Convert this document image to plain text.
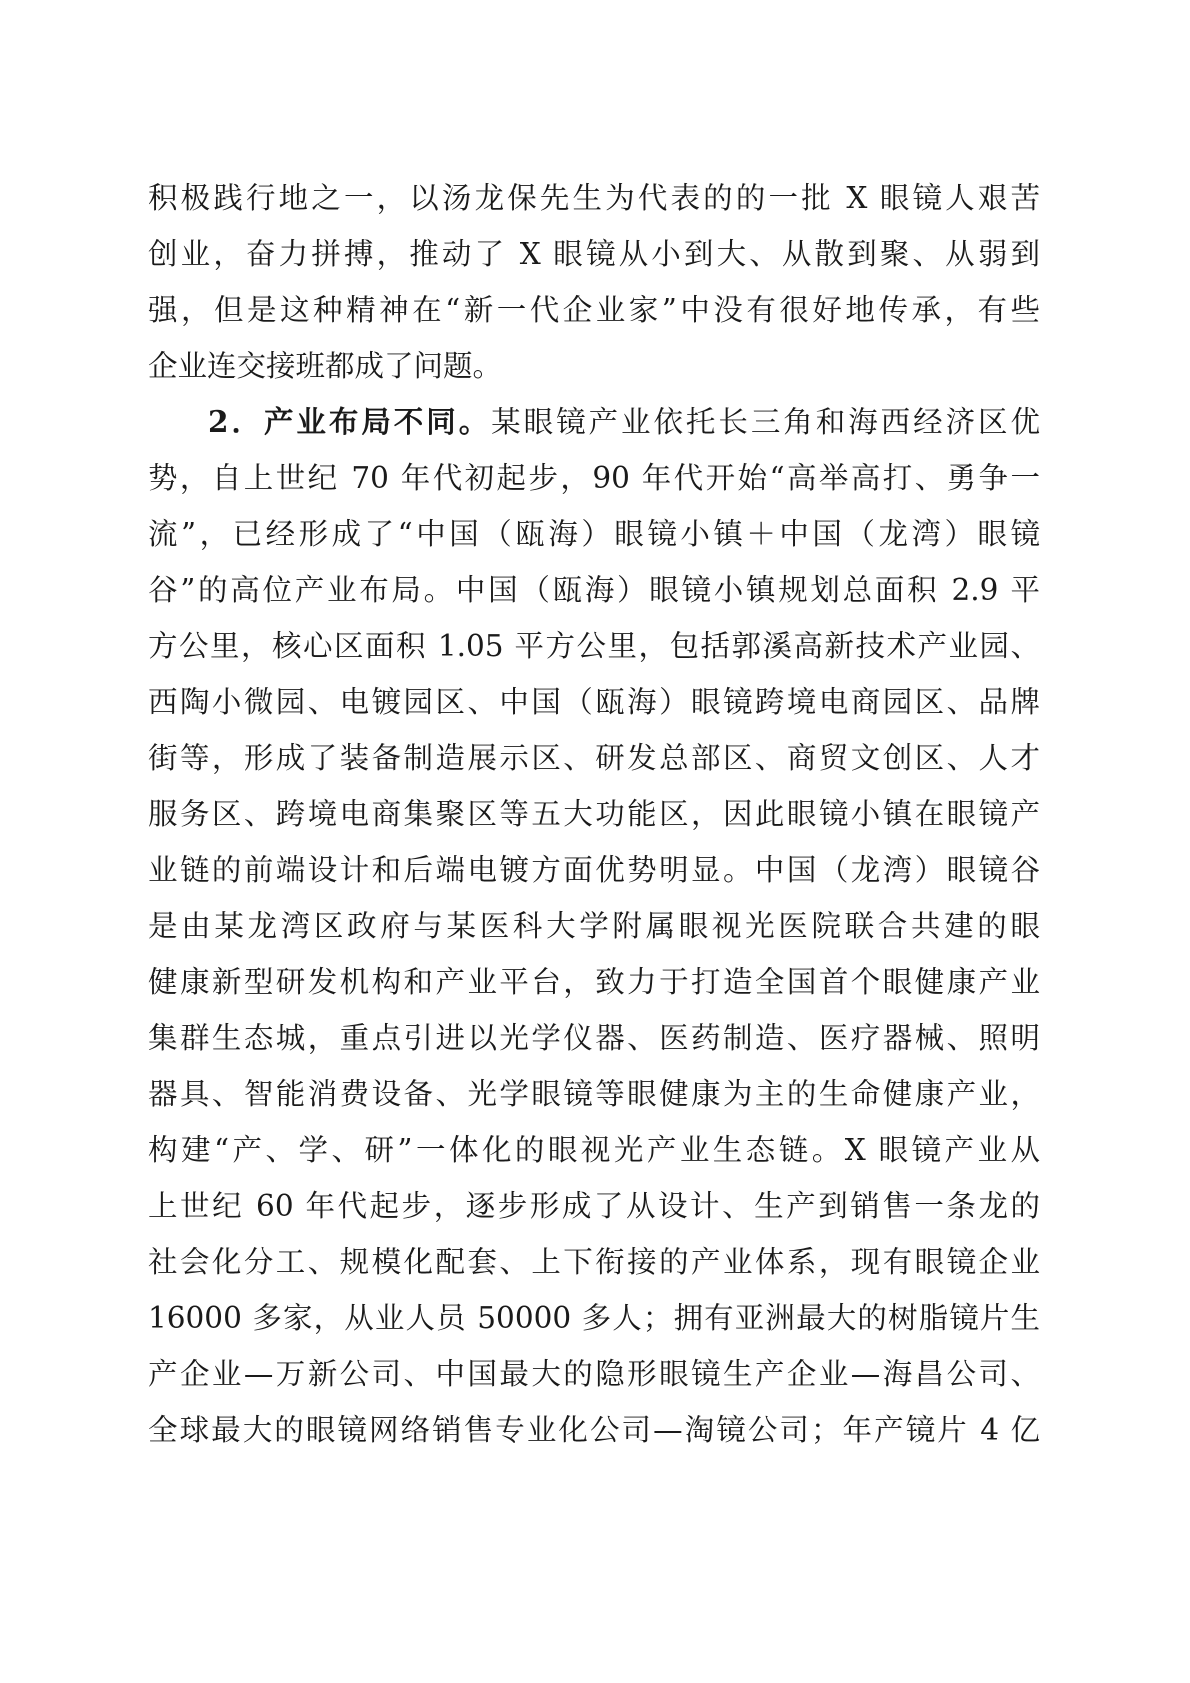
积极践行地之一，以汤龙保先生为代表的的一批 X 眼镜人艰苦
创业，奋力拼搏，推动了 X 眼镜从小到大、从散到聚、从弱到
强，但是这种精神在“新一代企业家”中没有很好地传承，有些
企业连交接班都成了问题。
2．产业布局不同。某眼镜产业依托长三角和海西经济区优
势，自上世纪 70 年代初起步，90 年代开始“高举高打、勇争一
流”，已经形成了“中国（瓯海）眼镜小镇＋中国（龙湾）眼镜
谷”的高位产业布局。中国（瓯海）眼镜小镇规划总面积 2.9 平
方公里，核心区面积 1.05 平方公里，包括郭溪高新技术产业园、
西陶小微园、电镀园区、中国（瓯海）眼镜跨境电商园区、品牌
街等，形成了装备制造展示区、研发总部区、商贸文创区、人才
服务区、跨境电商集聚区等五大功能区，因此眼镜小镇在眼镜产
业链的前端设计和后端电镀方面优势明显。中国（龙湾）眼镜谷
是由某龙湾区政府与某医科大学附属眼视光医院联合共建的眼
健康新型研发机构和产业平台，致力于打造全国首个眼健康产业
集群生态城，重点引进以光学仪器、医药制造、医疗器械、照明
器具、智能消费设备、光学眼镜等眼健康为主的生命健康产业，
构建“产、学、研”一体化的眼视光产业生态链。X 眼镜产业从
上世纪 60 年代起步，逐步形成了从设计、生产到销售一条龙的
社会化分工、规模化配套、上下衔接的产业体系，现有眼镜企业
16000 多家，从业人员 50000 多人；拥有亚洲最大的树脂镜片生
产企业—万新公司、中国最大的隐形眼镜生产企业—海昌公司、
全球最大的眼镜网络销售专业化公司—淘镜公司；年产镜片 4 亿
